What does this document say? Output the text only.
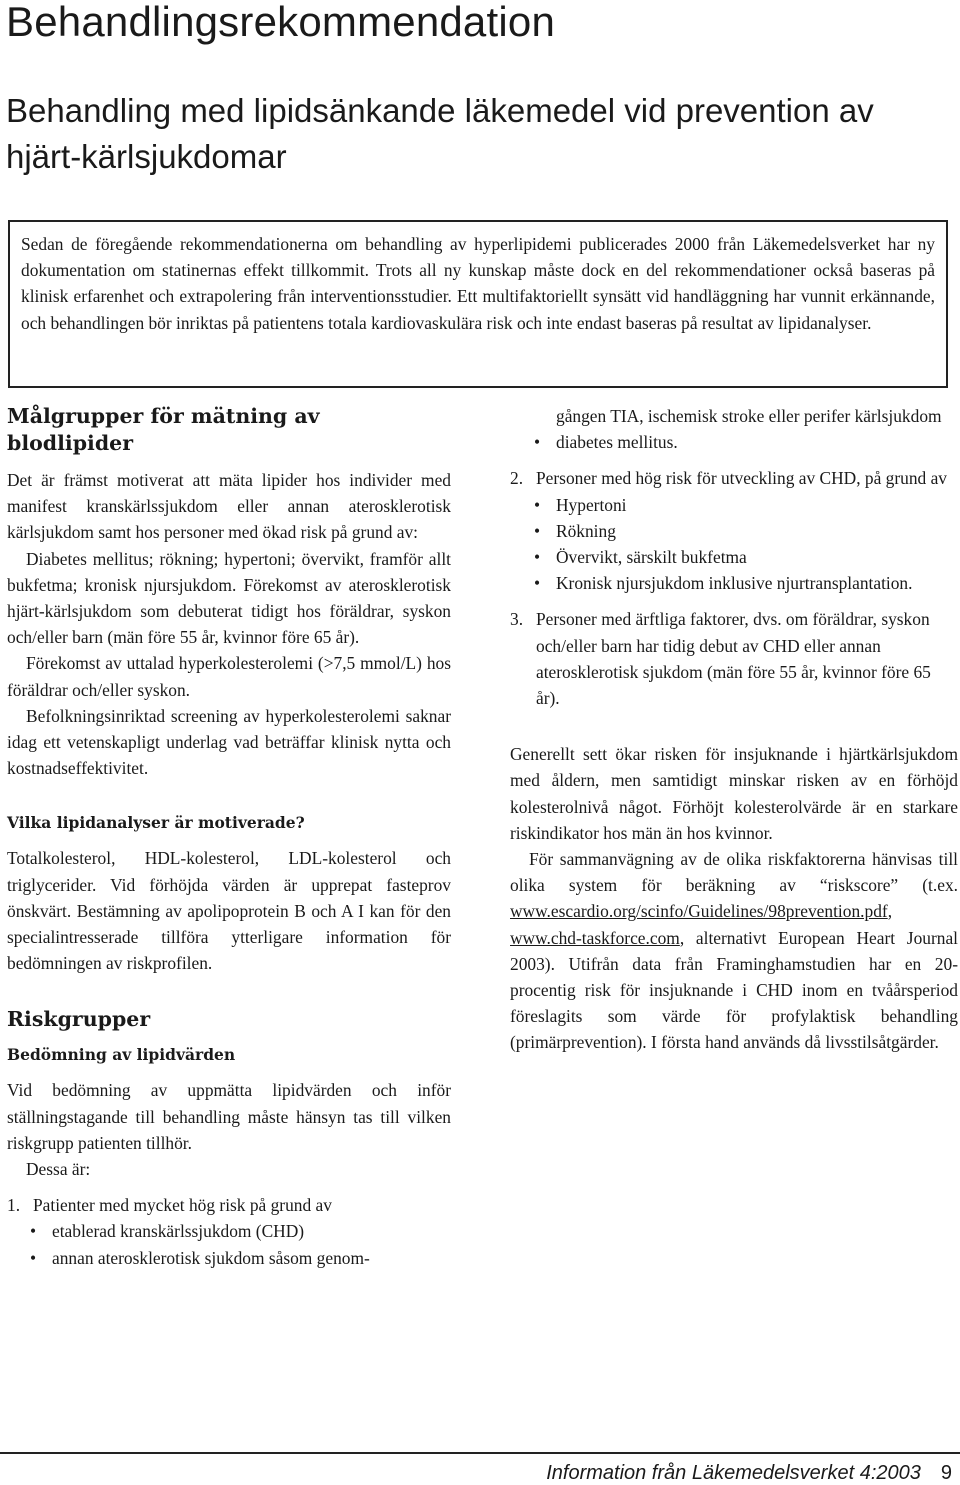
Behandlingsrekommendation
Behandling med lipidsänkande läkemedel vid prevention av hjärt-kärlsjukdomar
Sedan de föregående rekommendationerna om behandling av hyperlipidemi publicerades 2000 från Läkemedelsverket har ny dokumentation om statinernas effekt tillkommit. Trots all ny kunskap måste dock en del rekommendationer också baseras på klinisk erfarenhet och extrapolering från interventionsstudier. Ett multifaktoriellt synsätt vid handläggning har vunnit erkännande, och behandlingen bör inriktas på patientens totala kardiovaskulära risk och inte endast baseras på resultat av lipidanalyser.
Målgrupper för mätning av blodlipider

Det är främst motiverat att mäta lipider hos individer med manifest kranskärlssjukdom eller annan aterosklerotisk kärlsjukdom samt hos personer med ökad risk på grund av:

Diabetes mellitus; rökning; hypertoni; övervikt, framför allt bukfetma; kronisk njursjukdom. Förekomst av aterosklerotisk hjärt-kärlsjukdom som debuterat tidigt hos föräldrar, syskon och/eller barn (män före 55 år, kvinnor före 65 år).

Förekomst av uttalad hyperkolesterolemi (>7,5 mmol/L) hos föräldrar och/eller syskon.

Befolkningsinriktad screening av hyperkolesterolemi saknar idag ett vetenskapligt underlag vad beträffar klinisk nytta och kostnadseffektivitet.

Vilka lipidanalyser är motiverade?

Totalkolesterol, HDL-kolesterol, LDL-kolesterol och triglycerider. Vid förhöjda värden är upprepat fasteprov önskvärt. Bestämning av apolipoprotein B och A I kan för den specialintresserade tillföra ytterligare information för bedömningen av riskprofilen.

Riskgrupper
Bedömning av lipidvärden

Vid bedömning av uppmätta lipidvärden och inför ställningstagande till behandling måste hänsyn tas till vilken riskgrupp patienten tillhör.

Dessa är:

1. Patienter med mycket hög risk på grund av
• etablerad kranskärlssjukdom (CHD)
• annan aterosklerotisk sjukdom såsom genom-
gången TIA, ischemisk stroke eller perifer kärlsjukdom
• diabetes mellitus.
2. Personer med hög risk för utveckling av CHD, på grund av
• Hypertoni
• Rökning
• Övervikt, särskilt bukfetma
• Kronisk njursjukdom inklusive njurtransplantation.
3. Personer med ärftliga faktorer, dvs. om föräldrar, syskon och/eller barn har tidig debut av CHD eller annan aterosklerotisk sjukdom (män före 55 år, kvinnor före 65 år).

Generellt sett ökar risken för insjuknande i hjärtkärlsjukdom med åldern, men samtidigt minskar risken av en förhöjd kolesterolnivå något. Förhöjt kolesterolvärde är en starkare riskindikator hos män än hos kvinnor.

För sammanvägning av de olika riskfaktorerna hänvisas till olika system för beräkning av “riskscore” (t.ex. www.escardio.org/scinfo/Guidelines/98prevention.pdf, www.chd-taskforce.com, alternativt European Heart Journal 2003). Utifrån data från Framinghamstudien har en 20-procentig risk för insjuknande i CHD inom en tvåårsperiod föreslagits som värde för profylaktisk behandling (primärprevention). I första hand används då livsstilsåtgärder.

Information från Läkemedelsverket 4:2003 9
